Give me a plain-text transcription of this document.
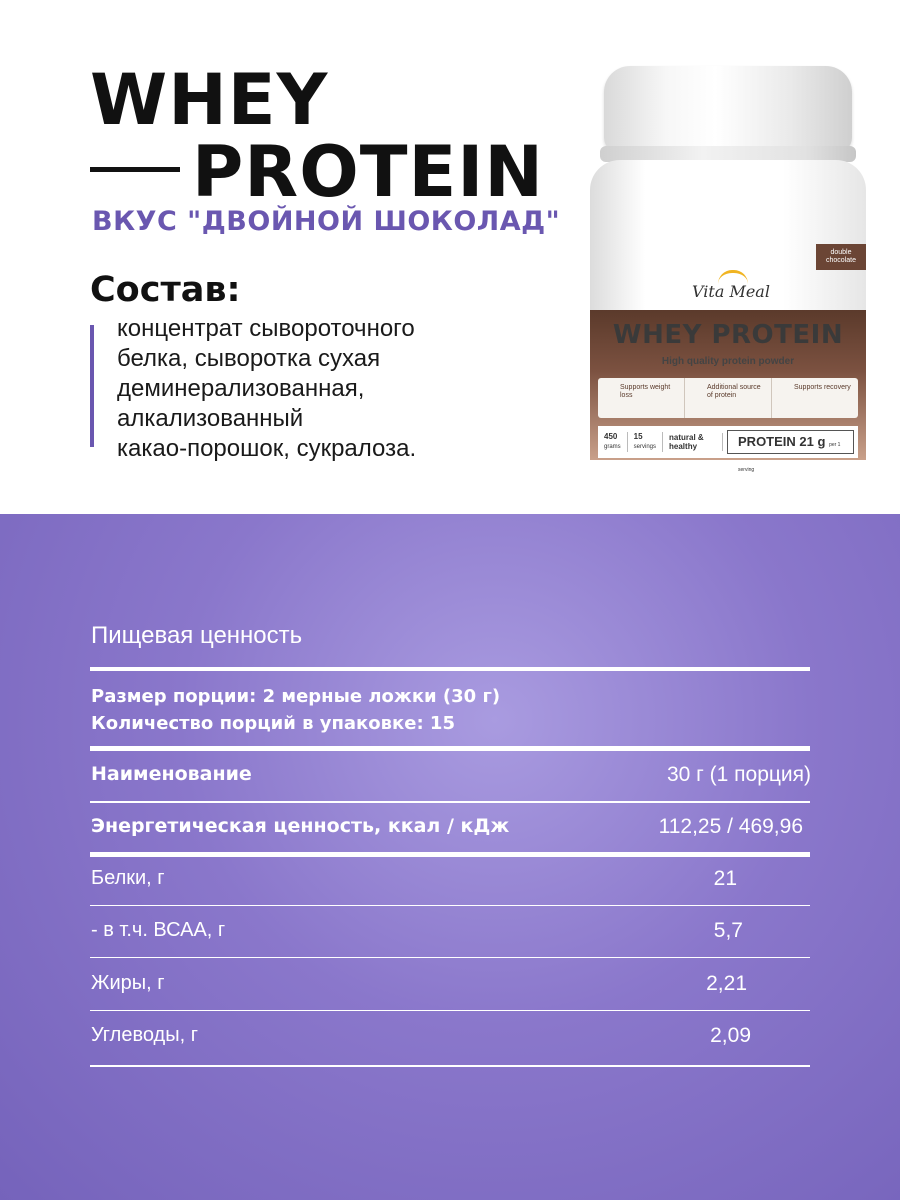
WHEY
PROTEIN
ВКУС "ДВОЙНОЙ ШОКОЛАД"
Состав:
концентрат сывороточного
белка, сыворотка сухая
деминерализованная,
алкализованный
какао-порошок, сукралоза.
double chocolate
Vita Meal
WHEY PROTEIN
High quality protein powder
Supports weight loss
Additional source of protein
Supports recovery
450
grams
15
servings
natural & healthy	PROTEIN 21 g per 1 serving
Пищевая ценность
Размер порции: 2 мерные ложки (30 г)
Количество порций в упаковке: 15
Наименование	30 г (1 порция)
Энергетическая ценность, ккал / кДж	112,25 / 469,96
Белки, г	21
- в т.ч. ВСАА, г	5,7
Жиры, г	2,21
Углеводы, г	2,09
